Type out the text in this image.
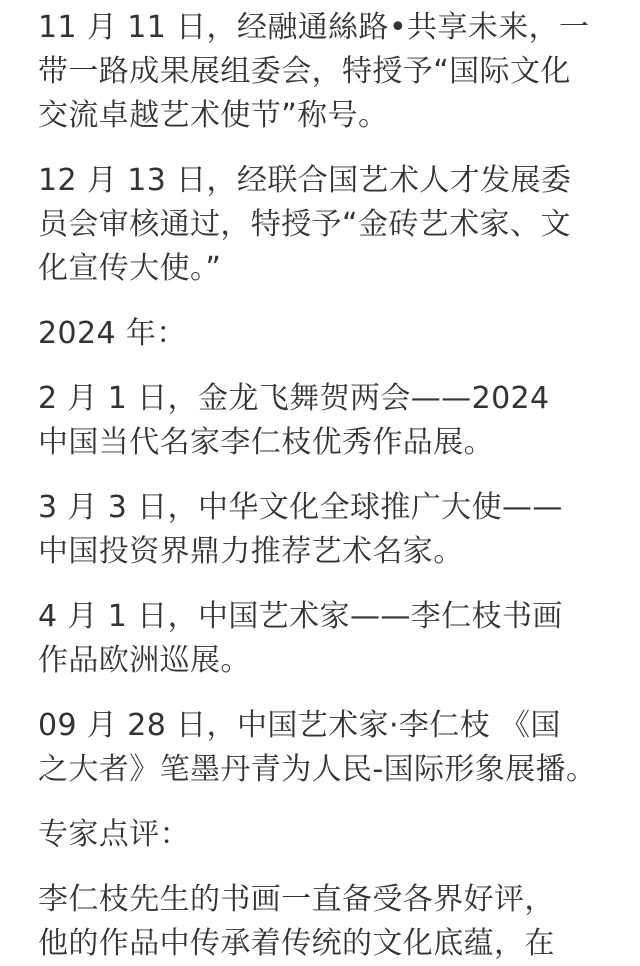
11 月 11 日，经融通絲路•共享未来，一
带一路成果展组委会，特授予“国际文化
交流卓越艺术使节”称号。
12 月 13 日，经联合国艺术人才发展委
员会审核通过，特授予“金砖艺术家、文
化宣传大使。”
2024 年：
2 月 1 日，金龙飞舞贺两会——2024
中国当代名家李仁枝优秀作品展。
3 月 3 日，中华文化全球推广大使——
中国投资界鼎力推荐艺术名家。
4 月 1 日，中国艺术家——李仁枝书画
作品欧洲巡展。
09 月 28 日，中国艺术家·李仁枝 《国
之大者》笔墨丹青为人民-国际形象展播。
专家点评：
李仁枝先生的书画一直备受各界好评，
他的作品中传承着传统的文化底蕴，在
